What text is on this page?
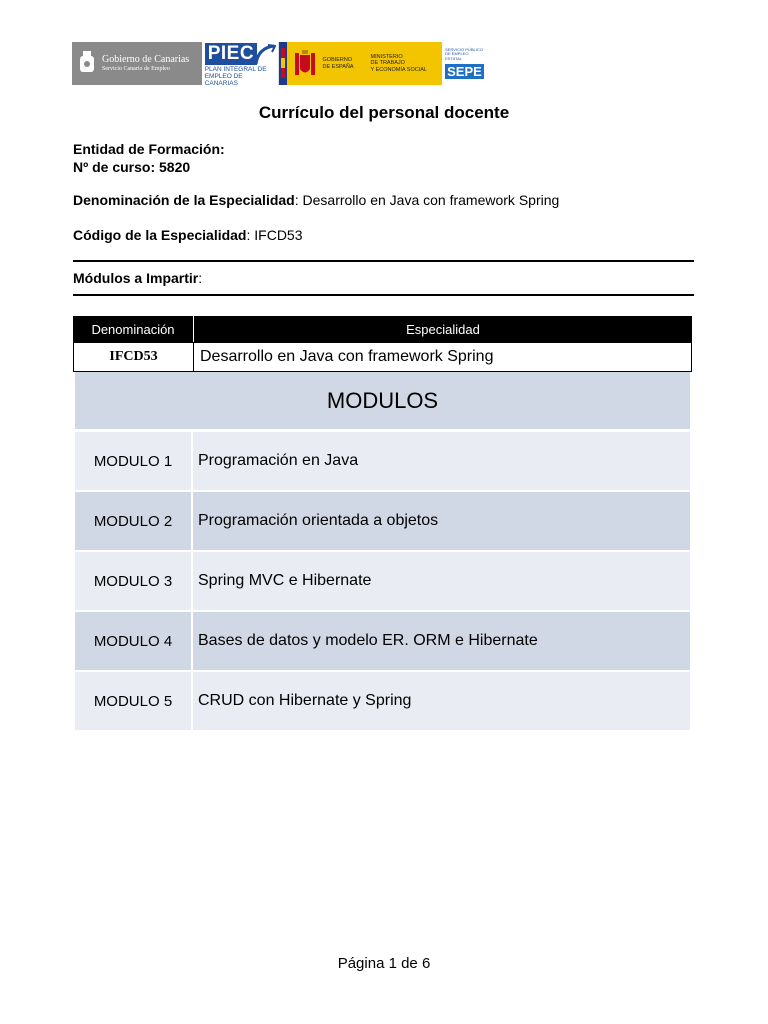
Gobierno de Canarias
Servicio Canario de Empleo
PIEC
PLAN INTEGRAL DE
EMPLEO DE CANARIAS
GOBIERNO
DE ESPAÑA
MINISTERIO
DE TRABAJO
Y ECONOMÍA SOCIAL
SERVICIO PÚBLICO
DE EMPLEO ESTATAL
SEPE
Currículo del personal docente
Entidad de Formación:
Nº de curso: 5820
Denominación de la Especialidad: Desarrollo en Java con framework Spring
Código de la Especialidad: IFCD53
Módulos a Impartir:
Denominación	Especialidad
IFCD53	Desarrollo en Java con framework Spring
MODULOS
MODULO 1	Programación en Java
MODULO 2	Programación orientada a objetos
MODULO 3	Spring MVC e Hibernate
MODULO 4	Bases de datos y modelo ER. ORM e Hibernate
MODULO 5	CRUD con Hibernate y Spring
Página 1 de 6
